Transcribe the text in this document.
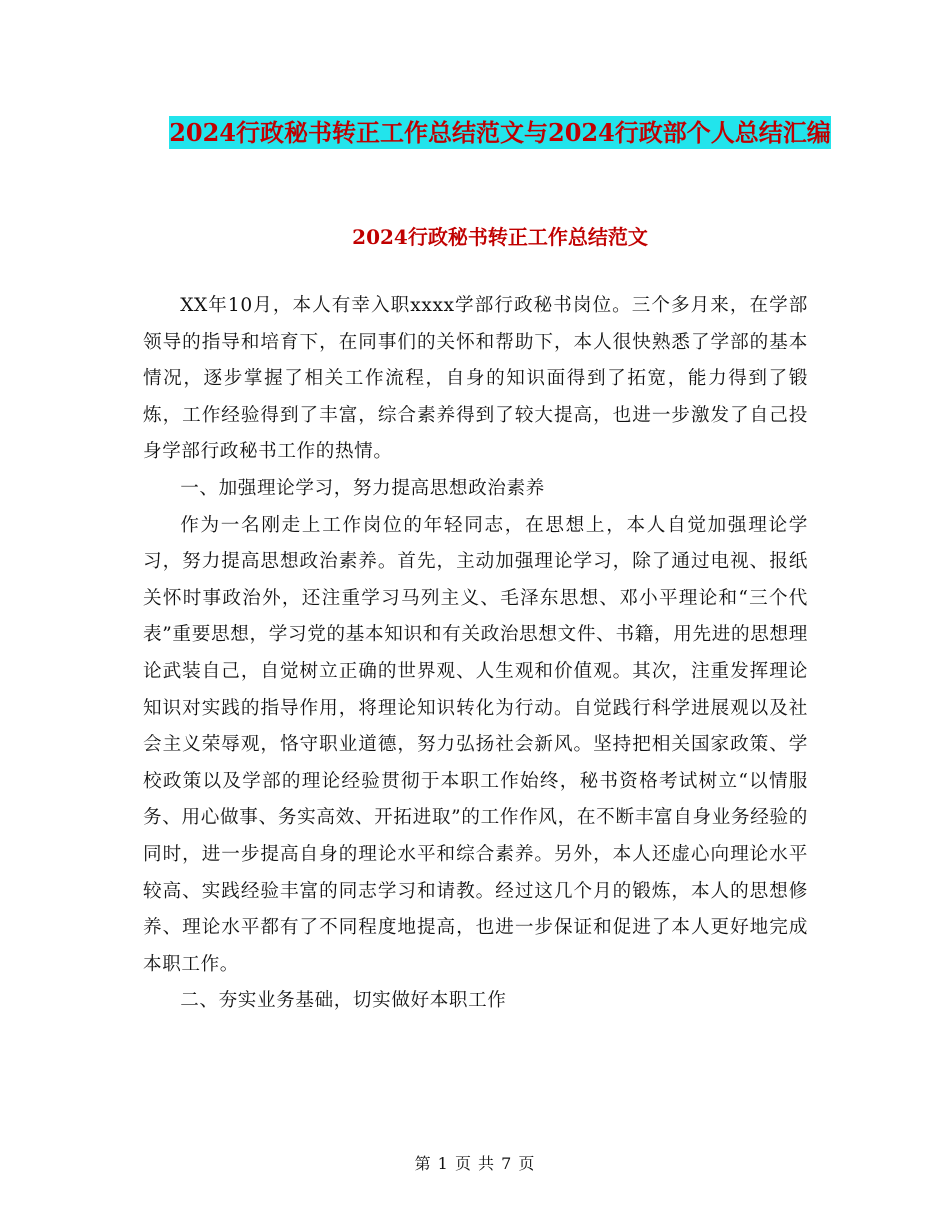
2024行政秘书转正工作总结范文与2024行政部个人总结汇编
2024行政秘书转正工作总结范文

XX年10月，本人有幸入职xxxx学部行政秘书岗位。三个多月来，在学部领导的指导和培育下，在同事们的关怀和帮助下，本人很快熟悉了学部的基本情况，逐步掌握了相关工作流程，自身的知识面得到了拓宽，能力得到了锻炼，工作经验得到了丰富，综合素养得到了较大提高，也进一步激发了自己投身学部行政秘书工作的热情。

一、加强理论学习，努力提高思想政治素养

作为一名刚走上工作岗位的年轻同志，在思想上，本人自觉加强理论学习，努力提高思想政治素养。首先，主动加强理论学习，除了通过电视、报纸关怀时事政治外，还注重学习马列主义、毛泽东思想、邓小平理论和“三个代表”重要思想，学习党的基本知识和有关政治思想文件、书籍，用先进的思想理论武装自己，自觉树立正确的世界观、人生观和价值观。其次，注重发挥理论知识对实践的指导作用，将理论知识转化为行动。自觉践行科学进展观以及社会主义荣辱观，恪守职业道德，努力弘扬社会新风。坚持把相关国家政策、学校政策以及学部的理论经验贯彻于本职工作始终，秘书资格考试树立“以情服务、用心做事、务实高效、开拓进取”的工作作风，在不断丰富自身业务经验的同时，进一步提高自身的理论水平和综合素养。另外，本人还虚心向理论水平较高、实践经验丰富的同志学习和请教。经过这几个月的锻炼，本人的思想修养、理论水平都有了不同程度地提高，也进一步保证和促进了本人更好地完成本职工作。

二、夯实业务基础，切实做好本职工作

第 1 页 共 7 页
